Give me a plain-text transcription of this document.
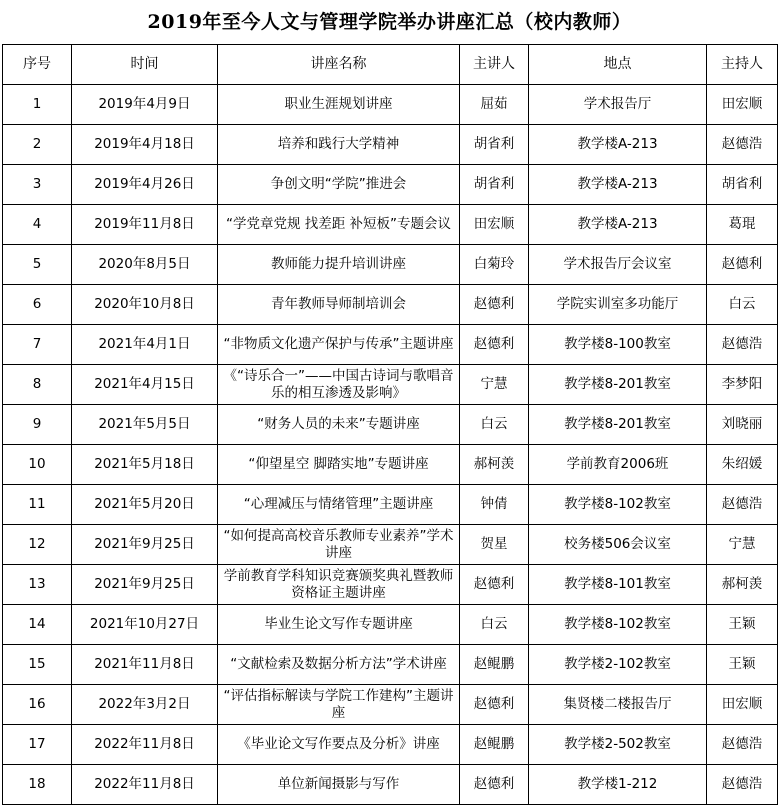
2019年至今人文与管理学院举办讲座汇总（校内教师）
序号	时间	讲座名称	主讲人	地点	主持人
1	2019年4月9日	职业生涯规划讲座	屈茹	学术报告厅	田宏顺
2	2019年4月18日	培养和践行大学精神	胡省利	教学楼A-213	赵德浩
3	2019年4月26日	争创文明“学院”推进会	胡省利	教学楼A-213	胡省利
4	2019年11月8日	“学党章党规 找差距 补短板”专题会议	田宏顺	教学楼A-213	葛琨
5	2020年8月5日	教师能力提升培训讲座	白菊玲	学术报告厅会议室	赵德利
6	2020年10月8日	青年教师导师制培训会	赵德利	学院实训室多功能厅	白云
7	2021年4月1日	“非物质文化遗产保护与传承”主题讲座	赵德利	教学楼8-100教室	赵德浩
8	2021年4月15日	《“诗乐合一”——中国古诗词与歌唱音乐的相互渗透及影响》	宁慧	教学楼8-201教室	李梦阳
9	2021年5月5日	“财务人员的未来”专题讲座	白云	教学楼8-201教室	刘晓丽
10	2021年5月18日	“仰望星空 脚踏实地”专题讲座	郝柯羡	学前教育2006班	朱绍媛
11	2021年5月20日	“心理减压与情绪管理”主题讲座	钟倩	教学楼8-102教室	赵德浩
12	2021年9月25日	“如何提高高校音乐教师专业素养”学术讲座	贺星	校务楼506会议室	宁慧
13	2021年9月25日	学前教育学科知识竞赛颁奖典礼暨教师资格证主题讲座	赵德利	教学楼8-101教室	郝柯羡
14	2021年10月27日	毕业生论文写作专题讲座	白云	教学楼8-102教室	王颖
15	2021年11月8日	“文献检索及数据分析方法”学术讲座	赵鲲鹏	教学楼2-102教室	王颖
16	2022年3月2日	“评估指标解读与学院工作建构”主题讲座	赵德利	集贤楼二楼报告厅	田宏顺
17	2022年11月8日	《毕业论文写作要点及分析》讲座	赵鲲鹏	教学楼2-502教室	赵德浩
18	2022年11月8日	单位新闻摄影与写作	赵德利	教学楼1-212	赵德浩
